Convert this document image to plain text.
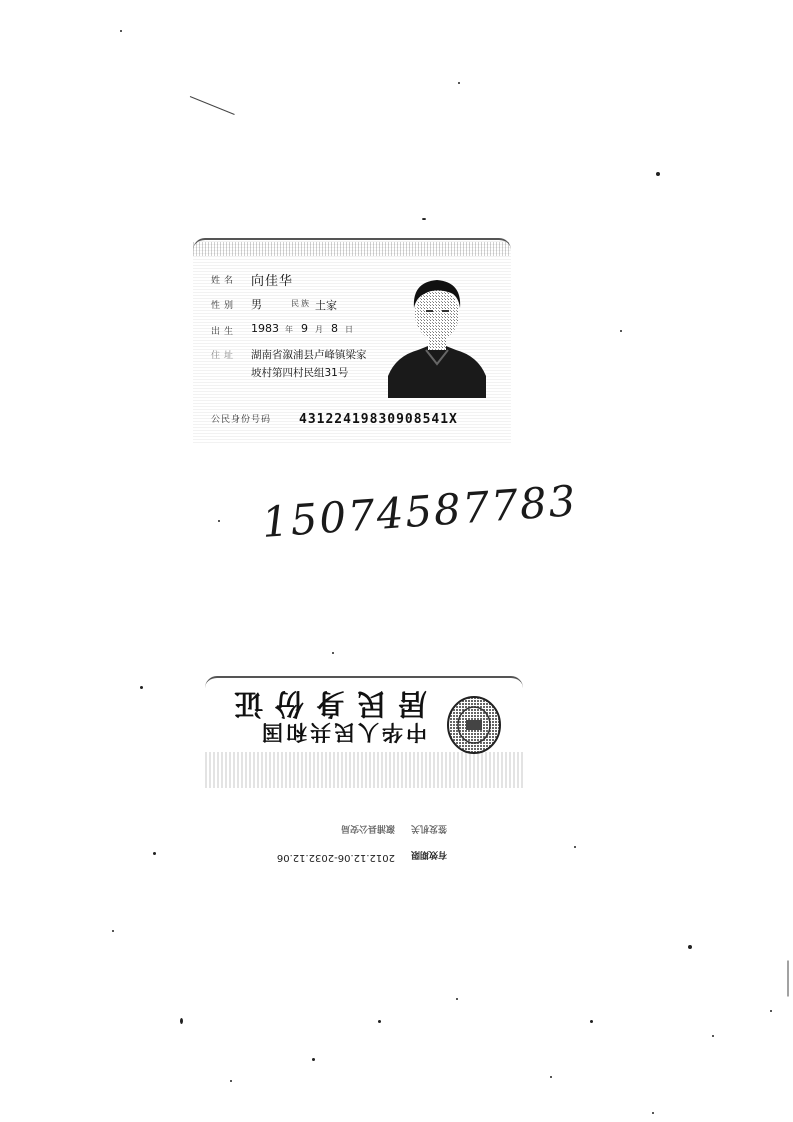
姓名 向佳华
性别 男	民族 土家
出生 1983 年 9 月 8 日
住址 湖南省溆浦县卢峰镇梁家
坡村第四村民组31号
公民身份号码 43122419830908541X
15074587783
中华人民共和国
居民身份证
签发机关
溆浦县公安局
有效期限
2012.12.06-2032.12.06
